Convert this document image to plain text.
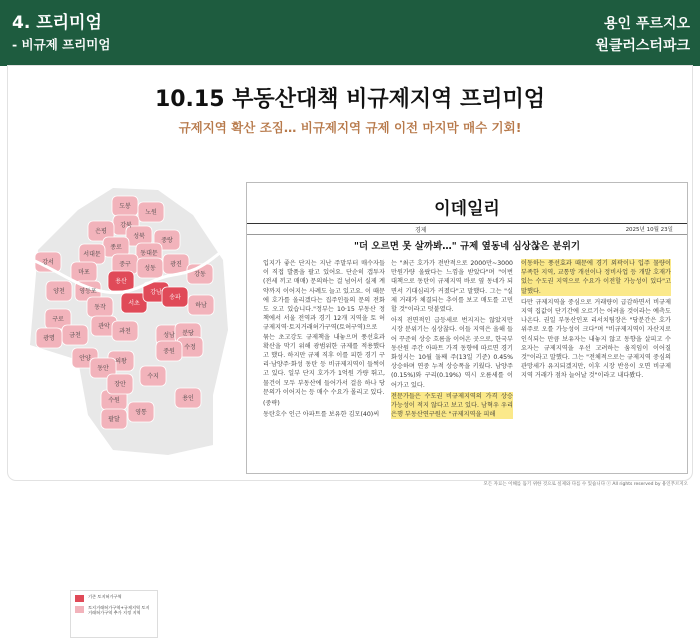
4. 프리미엄
- 비규제 프리미엄
용인 푸르지오
원클러스터파크
10.15 부동산대책 비규제지역 프리미엄
규제지역 확산 조짐… 비규제지역 규제 이전 마지막 매수 기회!
도봉
노원
강북
은평
성북
중랑
종로
동대문
서대문
중구
성동
광진
마포
용산
강동
강서
양천 영등포
동작
서초
강남
송파
구로
금천
관악
과천
광명
하남
성남 분당
수정
중원
의왕
안양
동안
수원
장안
팔달
영통
용인
수지
기존 토지허가구역
토지거래허가구역+규제지역 토지거래허가구역 추가 지정 지역
이데일리
경제	2025년 10월 23일
"더 오르면 못 살까봐…" 규제 옆동네 심상찮은 분위기

입지가 좋은 단지는 지난 주말부터 매수자들이 직접 발품을 팔고 있어요. 단순히 갭투자(전세 끼고 매매) 문의하는 걸 넘어서 실제 계약까지 이어지는 사례도 늘고 있고요. 이 때문에 호가를 올리겠다는 집주인들의 문의 전화도 오고 있습니다."정부는 10·15 부동산 정책에서 서울 전역과 경기 12개 지역을 토 허 규제지역·토지거래허가구역(토허구역)으로 묶는 초고강도 규제책을 내놓으며 풍선효과 확산을 막기 위해 광범위한 규제를 적용했다고 했다. 하지만 규제 직후 이를 피한 경기 구리·남양주·화성 동탄 등 비규제지역이 들썩이고 있다. 일부 단지 호가가 1억원 가량 뛰고, 물건이 모두 부동산에 들어가서 걸음 하나 당 문의가 이어지는 등 매수 수요가 몰리고 있다.

(중략)

동탄호수 인근 아파트를 보유한 김모(40)씨

는 "최근 호가가 전반적으로 2000만~3000만원가량 올랐다는 느낌을 받았다"며 "이번 대책으로 동탄이 규제지역 바로 옆 동네가 되면서 기대심리가 커졌다"고 말했다. 그는 "실제 거래가 체결되는 추이를 보고 매도를 고민할 것"이라고 덧붙였다.

아직 전면적인 급등세로 번지지는 않았지만 시장 분위기는 심상찮다. 이들 지역은 올해 들어 꾸준히 상승 흐름을 이어온 곳으로, 한국부동산원 주간 아파트 가격 동향에 따르면 경기 화성시는 10월 둘째 주(13일 기준) 0.45% 상승하며 연중 누적 상승폭을 키웠다. 남양주(0.15%)와 구리(0.19%) 역시 오름세를 이어가고 있다.

전문가들은 수도권 비규제지역의 가격 상승 가능성이 적지 않다고 보고 있다. 남혁우 우리은행 부동산연구원은 "규제지역을 피해

이동하는 풍선효과 때문에 경기 외곽이나 입주 물량이 부족한 지역, 교통망 개선이나 정비사업 등 개발 호재가 있는 수도권 지역으로 수요가 이전할 가능성이 있다"고 말했다.

다만 규제지역을 중심으로 거래량이 급감하면서 비규제지역 집값이 단기간에 오르기는 어려울 것이라는 예측도 나온다. 권일 부동산인포 리서치팀장은 "당분간은 호가 위주로 오를 가능성이 크다"며 "비규제지역이 자산지로 인식되는 만큼 보유자는 내놓지 않고 동향을 살피고 수요자는 규제지역을 우선 고려하는 움직임이 이어질 것"이라고 말했다. 그는 "전체적으로는 규제지역 중심의 관망세가 유지되겠지만, 이후 시장 반응이 오면 비규제지역 거래가 점차 늘어날 것"이라고 내다봤다.

모든 자료는 이해를 돕기 위한 것으로 실제와 다를 수 있습니다 ⓒ All rights reserved by 용인푸르지오
